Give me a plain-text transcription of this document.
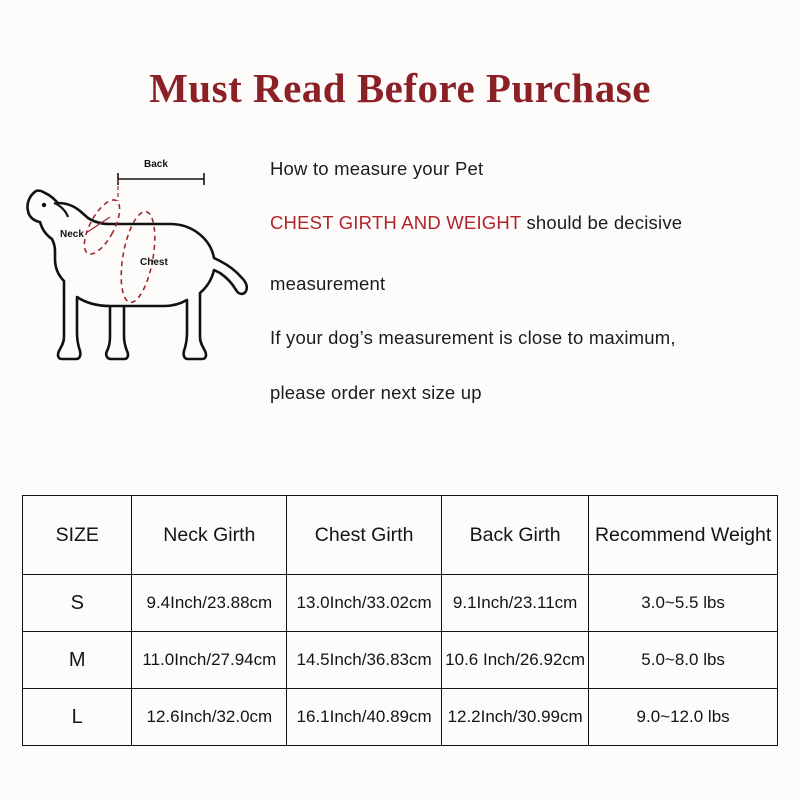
Must Read Before Purchase
Back
Neck
Chest

How to measure your Pet

CHEST GIRTH AND WEIGHT should be decisive

measurement

If your dog’s measurement is close to maximum,

please order next size up

SIZE	Neck Girth	Chest Girth	Back Girth	Recommend Weight
S	9.4Inch/23.88cm	13.0Inch/33.02cm	9.1Inch/23.11cm	3.0~5.5 lbs
M	11.0Inch/27.94cm	14.5Inch/36.83cm	10.6 Inch/26.92cm	5.0~8.0 lbs
L	12.6Inch/32.0cm	16.1Inch/40.89cm	12.2Inch/30.99cm	9.0~12.0 lbs
